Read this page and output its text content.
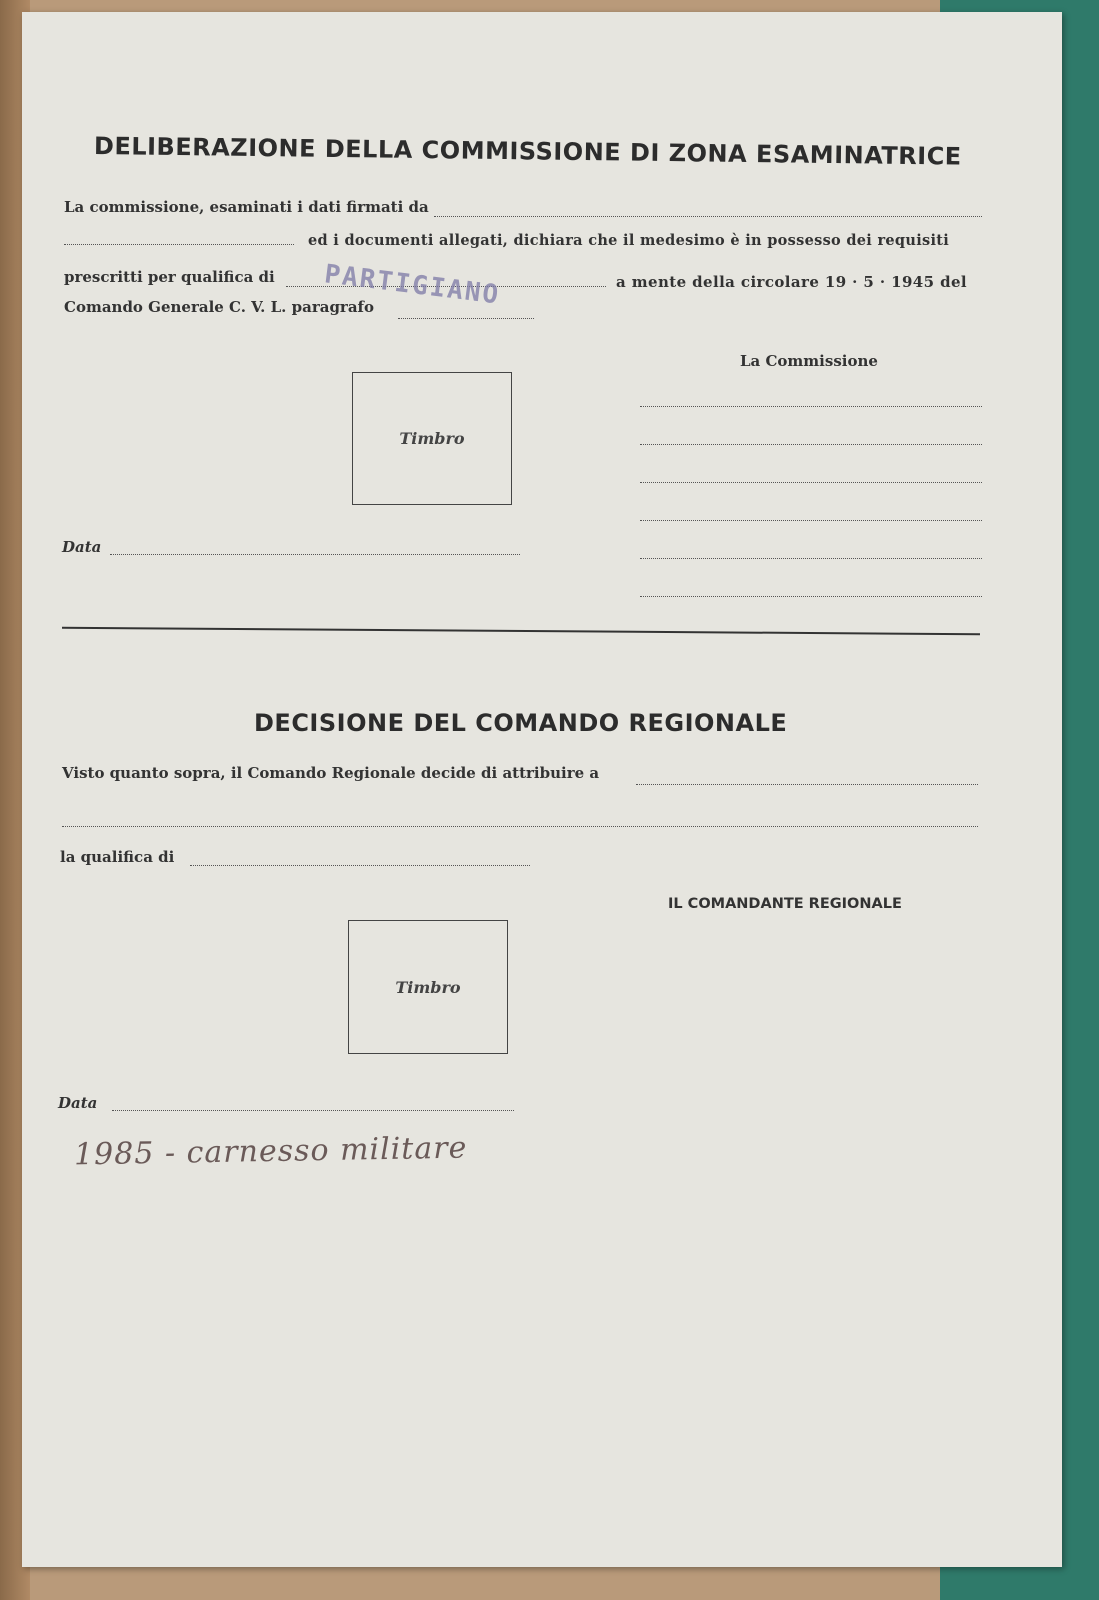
DELIBERAZIONE DELLA COMMISSIONE DI ZONA ESAMINATRICE
La commissione, esaminati i dati firmati da
ed i documenti allegati, dichiara che il medesimo è in possesso dei requisiti
prescritti per qualifica di	a mente della circolare 19 · 5 · 1945 del
Comando Generale C. V. L. paragrafo
PARTIGIANO
La Commissione
Timbro
Data
DECISIONE DEL COMANDO REGIONALE
Visto quanto sopra, il Comando Regionale decide di attribuire a
la qualifica di
IL COMANDANTE REGIONALE
Timbro
Data
1985 - carnesso militare
